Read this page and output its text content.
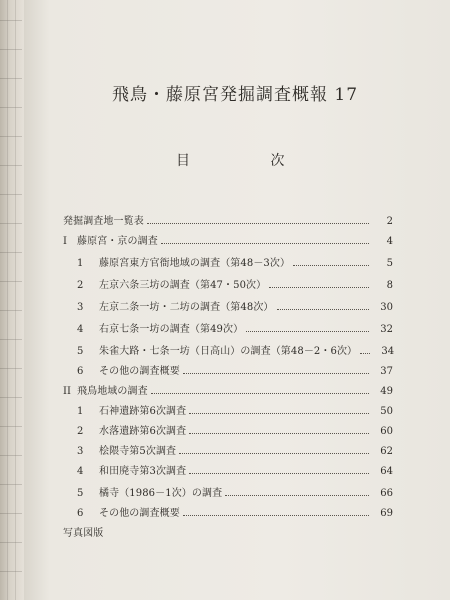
飛鳥・藤原宮発掘調査概報 17
目 次
発掘調査地一覧表	2
I	藤原宮・京の調査	4
1	藤原宮東方官衙地域の調査（第48－3次）	5
2	左京六条三坊の調査（第47・50次）	8
3	左京二条一坊・二坊の調査（第48次）	30
4	右京七条一坊の調査（第49次）	32
5	朱雀大路・七条一坊（日高山）の調査（第48－2・6次）	34
6	その他の調査概要	37
II 飛鳥地域の調査	49
1	石神遺跡第6次調査	50
2	水落遺跡第6次調査	60
3	桧隈寺第5次調査	62
4	和田廃寺第3次調査	64
5	橘寺（1986－1次）の調査	66
6	その他の調査概要	69
写真図版
